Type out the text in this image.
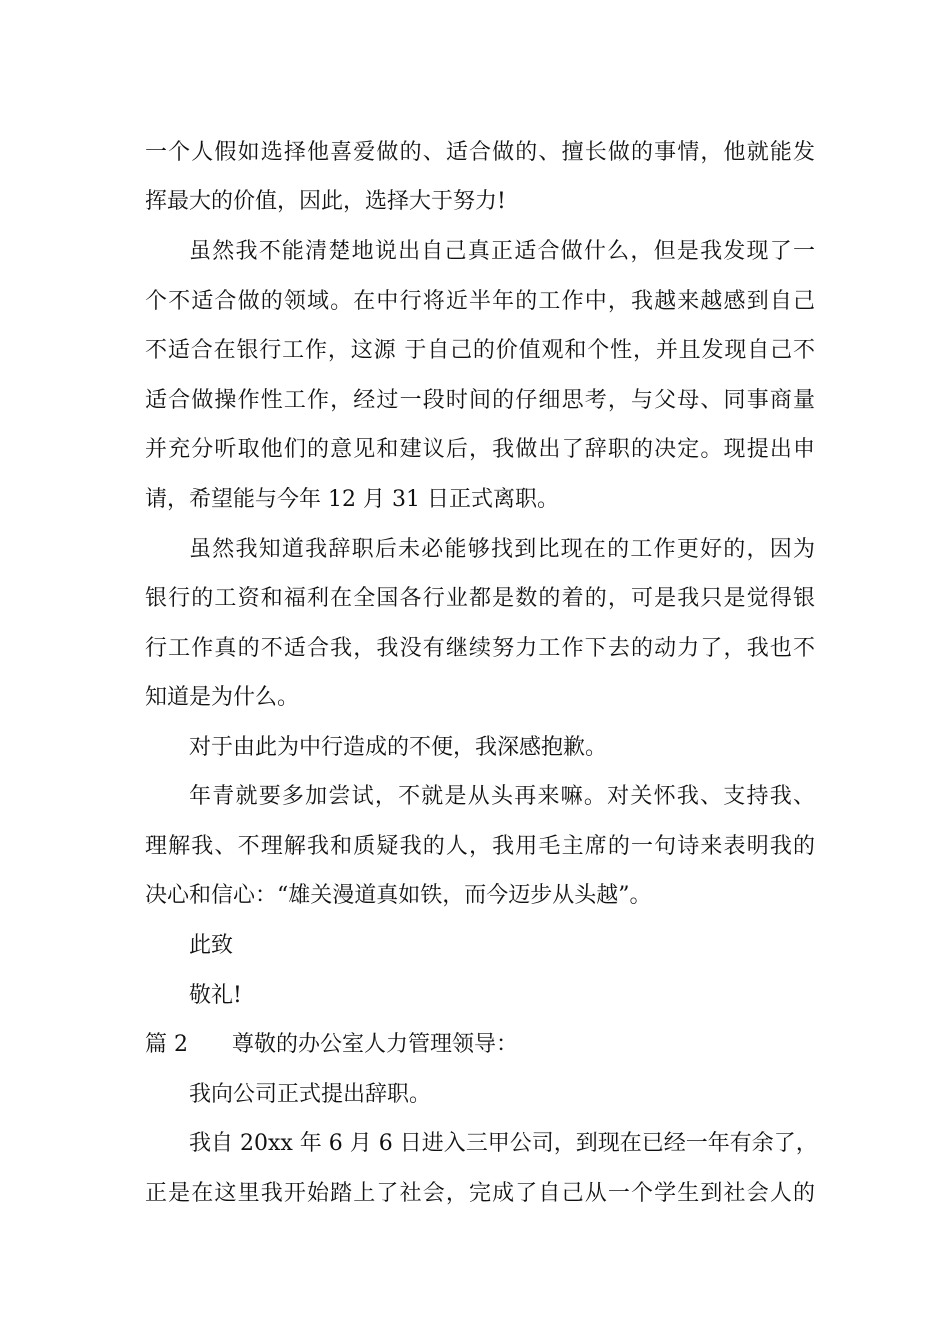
一个人假如选择他喜爱做的、适合做的、擅长做的事情，他就能发
挥最大的价值，因此，选择大于努力!
虽然我不能清楚地说出自己真正适合做什么，但是我发现了一
个不适合做的领域。在中行将近半年的工作中，我越来越感到自己
不适合在银行工作，这源 于自己的价值观和个性，并且发现自己不
适合做操作性工作，经过一段时间的仔细思考，与父母、同事商量
并充分听取他们的意见和建议后，我做出了辞职的决定。现提出申
请，希望能与今年 12 月 31 日正式离职。
虽然我知道我辞职后未必能够找到比现在的工作更好的，因为
银行的工资和福利在全国各行业都是数的着的，可是我只是觉得银
行工作真的不适合我，我没有继续努力工作下去的动力了，我也不
知道是为什么。
对于由此为中行造成的不便，我深感抱歉。
年青就要多加尝试，不就是从头再来嘛。对关怀我、支持我、
理解我、不理解我和质疑我的人，我用毛主席的一句诗来表明我的
决心和信心：“雄关漫道真如铁，而今迈步从头越”。
此致
敬礼!
篇 2 尊敬的办公室人力管理领导：
我向公司正式提出辞职。
我自 20xx 年 6 月 6 日进入三甲公司，到现在已经一年有余了，
正是在这里我开始踏上了社会，完成了自己从一个学生到社会人的
